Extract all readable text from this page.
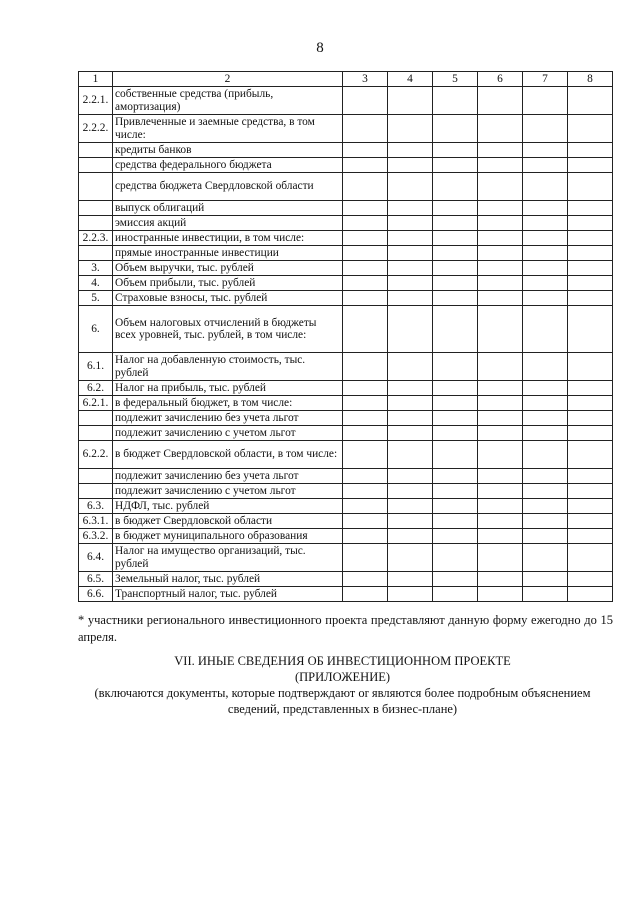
8
1	2	3	4	5	6	7	8
2.2.1.	собственные средства (прибыль, амортизация)						
2.2.2.	Привлеченные и заемные средства, в том числе:						
	кредиты банков						
	средства федерального бюджета						
	средства бюджета Свердловской области						
	выпуск облигаций						
	эмиссия акций						
2.2.3.	иностранные инвестиции, в том числе:						
	прямые иностранные инвестиции						
3.	Объем выручки, тыс. рублей						
4.	Объем прибыли, тыс. рублей						
5.	Страховые взносы, тыс. рублей						
6.	Объем налоговых отчислений в бюджеты всех уровней, тыс. рублей, в том числе:						
6.1.	Налог на добавленную стоимость, тыс. рублей						
6.2.	Налог на прибыль, тыс. рублей						
6.2.1.	в федеральный бюджет, в том числе:						
	подлежит зачислению без учета льгот						
	подлежит зачислению с учетом льгот						
6.2.2.	в бюджет Свердловской области, в том числе:						
	подлежит зачислению без учета льгот						
	подлежит зачислению с учетом льгот						
6.3.	НДФЛ, тыс. рублей						
6.3.1.	в бюджет Свердловской области						
6.3.2.	в бюджет муниципального образования						
6.4.	Налог на имущество организаций, тыс. рублей						
6.5.	Земельный налог, тыс. рублей						
6.6.	Транспортный налог, тыс. рублей						
* участники регионального инвестиционного проекта представляют данную форму ежегодно до 15 апреля.
VII. ИНЫЕ СВЕДЕНИЯ ОБ ИНВЕСТИЦИОННОМ ПРОЕКТЕ
(ПРИЛОЖЕНИЕ)
(включаются документы, которые подтверждают or являются более подробным объяснением сведений, представленных в бизнес-плане)
